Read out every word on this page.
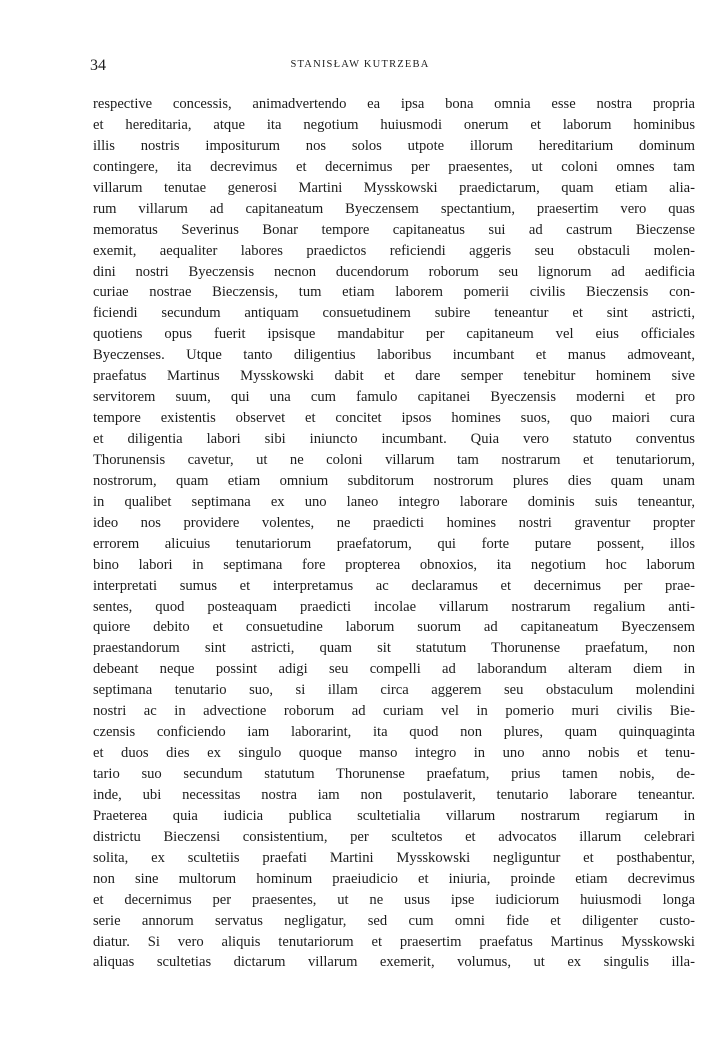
34	STANISŁAW KUTRZEBA
respective concessis, animadvertendo ea ipsa bona omnia esse nostra propria
et hereditaria, atque ita negotium huiusmodi onerum et laborum hominibus
illis nostris impositurum nos solos utpote illorum hereditarium dominum
contingere, ita decrevimus et decernimus per praesentes, ut coloni omnes tam
villarum tenutae generosi Martini Mysskowski praedictarum, quam etiam alia-
rum villarum ad capitaneatum Byeczensem spectantium, praesertim vero quas
memoratus Severinus Bonar tempore capitaneatus sui ad castrum Bieczense
exemit, aequaliter labores praedictos reficiendi aggeris seu obstaculi molen-
dini nostri Byeczensis necnon ducendorum roborum seu lignorum ad aedificia
curiae nostrae Bieczensis, tum etiam laborem pomerii civilis Bieczensis con-
ficiendi secundum antiquam consuetudinem subire teneantur et sint astricti,
quotiens opus fuerit ipsisque mandabitur per capitaneum vel eius officiales
Byeczenses. Utque tanto diligentius laboribus incumbant et manus admoveant,
praefatus Martinus Mysskowski dabit et dare semper tenebitur hominem sive
servitorem suum, qui una cum famulo capitanei Byeczensis moderni et pro
tempore existentis observet et concitet ipsos homines suos, quo maiori cura
et diligentia labori sibi iniuncto incumbant. Quia vero statuto conventus
Thorunensis cavetur, ut ne coloni villarum tam nostrarum et tenutariorum,
nostrorum, quam etiam omnium subditorum nostrorum plures dies quam unam
in qualibet septimana ex uno laneo integro laborare dominis suis teneantur,
ideo nos providere volentes, ne praedicti homines nostri graventur propter
errorem alicuius tenutariorum praefatorum, qui forte putare possent, illos
bino labori in septimana fore propterea obnoxios, ita negotium hoc laborum
interpretati sumus et interpretamus ac declaramus et decernimus per prae-
sentes, quod posteaquam praedicti incolae villarum nostrarum regalium anti-
quiore debito et consuetudine laborum suorum ad capitaneatum Byeczensem
praestandorum sint astricti, quam sit statutum Thorunense praefatum, non
debeant neque possint adigi seu compelli ad laborandum alteram diem in
septimana tenutario suo, si illam circa aggerem seu obstaculum molendini
nostri ac in advectione roborum ad curiam vel in pomerio muri civilis Bie-
czensis conficiendo iam laborarint, ita quod non plures, quam quinquaginta
et duos dies ex singulo quoque manso integro in uno anno nobis et tenu-
tario suo secundum statutum Thorunense praefatum, prius tamen nobis, de-
inde, ubi necessitas nostra iam non postulaverit, tenutario laborare teneantur.
Praeterea quia iudicia publica scultetialia villarum nostrarum regiarum in
districtu Bieczensi consistentium, per scultetos et advocatos illarum celebrari
solita, ex scultetiis praefati Martini Mysskowski negliguntur et posthabentur,
non sine multorum hominum praeiudicio et iniuria, proinde etiam decrevimus
et decernimus per praesentes, ut ne usus ipse iudiciorum huiusmodi longa
serie annorum servatus negligatur, sed cum omni fide et diligenter custo-
diatur. Si vero aliquis tenutariorum et praesertim praefatus Martinus Mysskowski
aliquas scultetias dictarum villarum exemerit, volumus, ut ex singulis illa-
